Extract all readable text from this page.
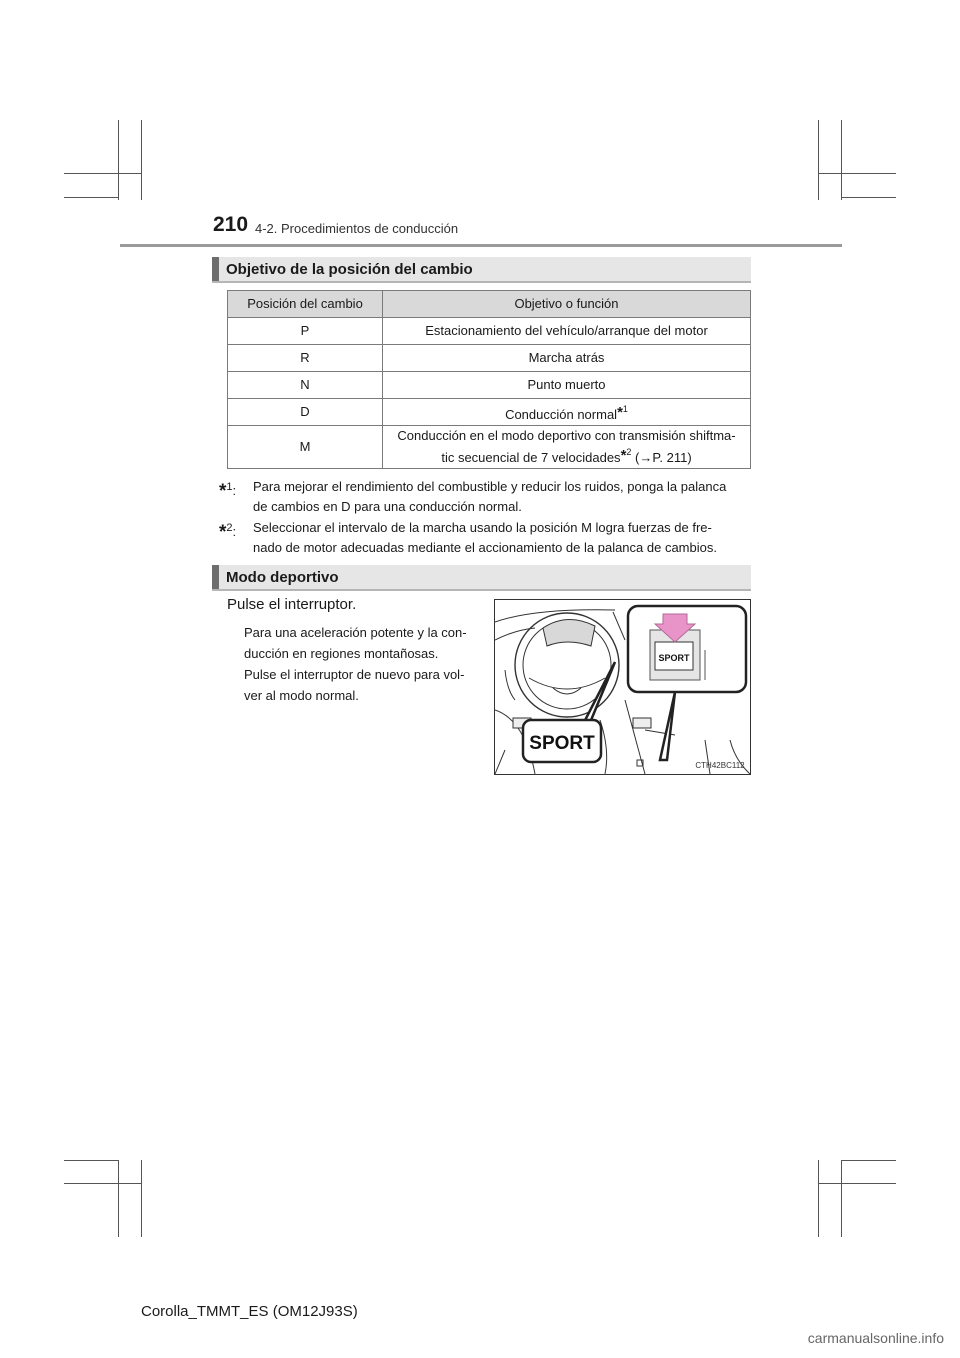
210 4-2. Procedimientos de conducción
Objetivo de la posición del cambio
Posición del cambio	Objetivo o función
P	Estacionamiento del vehículo/arranque del motor
R	Marcha atrás
N	Punto muerto
D	Conducción normal*$^1$
M	Conducción en el modo deportivo con transmisión shiftma-
tic secuencial de 7 velocidades*$^2$ (→P. 211)
*$^1$: Para mejorar el rendimiento del combustible y reducir los ruidos, ponga la palanca
de cambios en D para una conducción normal.
*$^2$: Seleccionar el intervalo de la marcha usando la posición M logra fuerzas de fre-
nado de motor adecuadas mediante el accionamiento de la palanca de cambios.
Modo deportivo
Pulse el interruptor.
Para una aceleración potente y la con-
ducción en regiones montañosas.
Pulse el interruptor de nuevo para vol-
ver al modo normal.
SPORT
SPORT
CTH42BC112
Corolla_TMMT_ES (OM12J93S)
carmanualsonline.info
